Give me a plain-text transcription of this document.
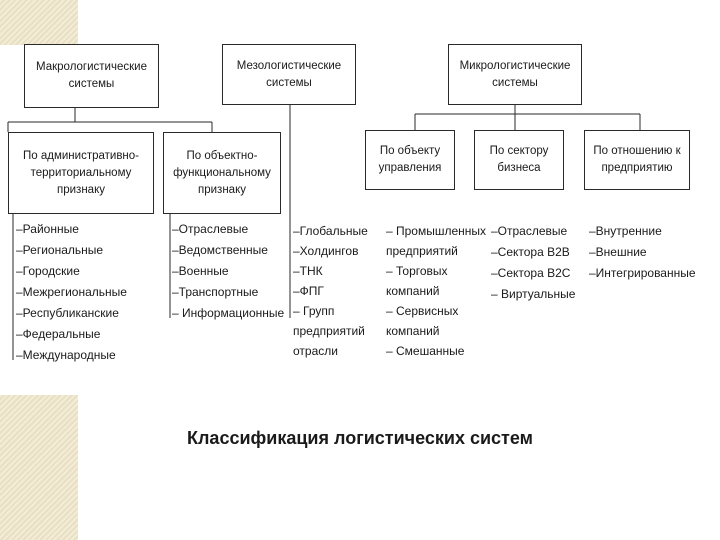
Макрологистические
системы
Мезологистические
системы
Микрологистические
системы
По административно-
территориальному
признаку
По объектно-
функциональному
признаку
По объекту
управления
По сектору
бизнеса
По отношению к
предприятию
–Районные
–Региональные
–Городские
–Межрегиональные
–Республиканские
–Федеральные
–Международные
–Отраслевые
–Ведомственные
–Военные
–Транспортные
– Информационные
–Глобальные
–Холдингов
–ТНК
–ФПГ
– Групп
предприятий
отрасли
– Промышленных
предприятий
– Торговых
компаний
– Сервисных
компаний
– Смешанные
–Отраслевые
–Сектора В2В
–Сектора В2С
– Виртуальные
–Внутренние
–Внешние
–Интегрированные
Классификация логистических систем
